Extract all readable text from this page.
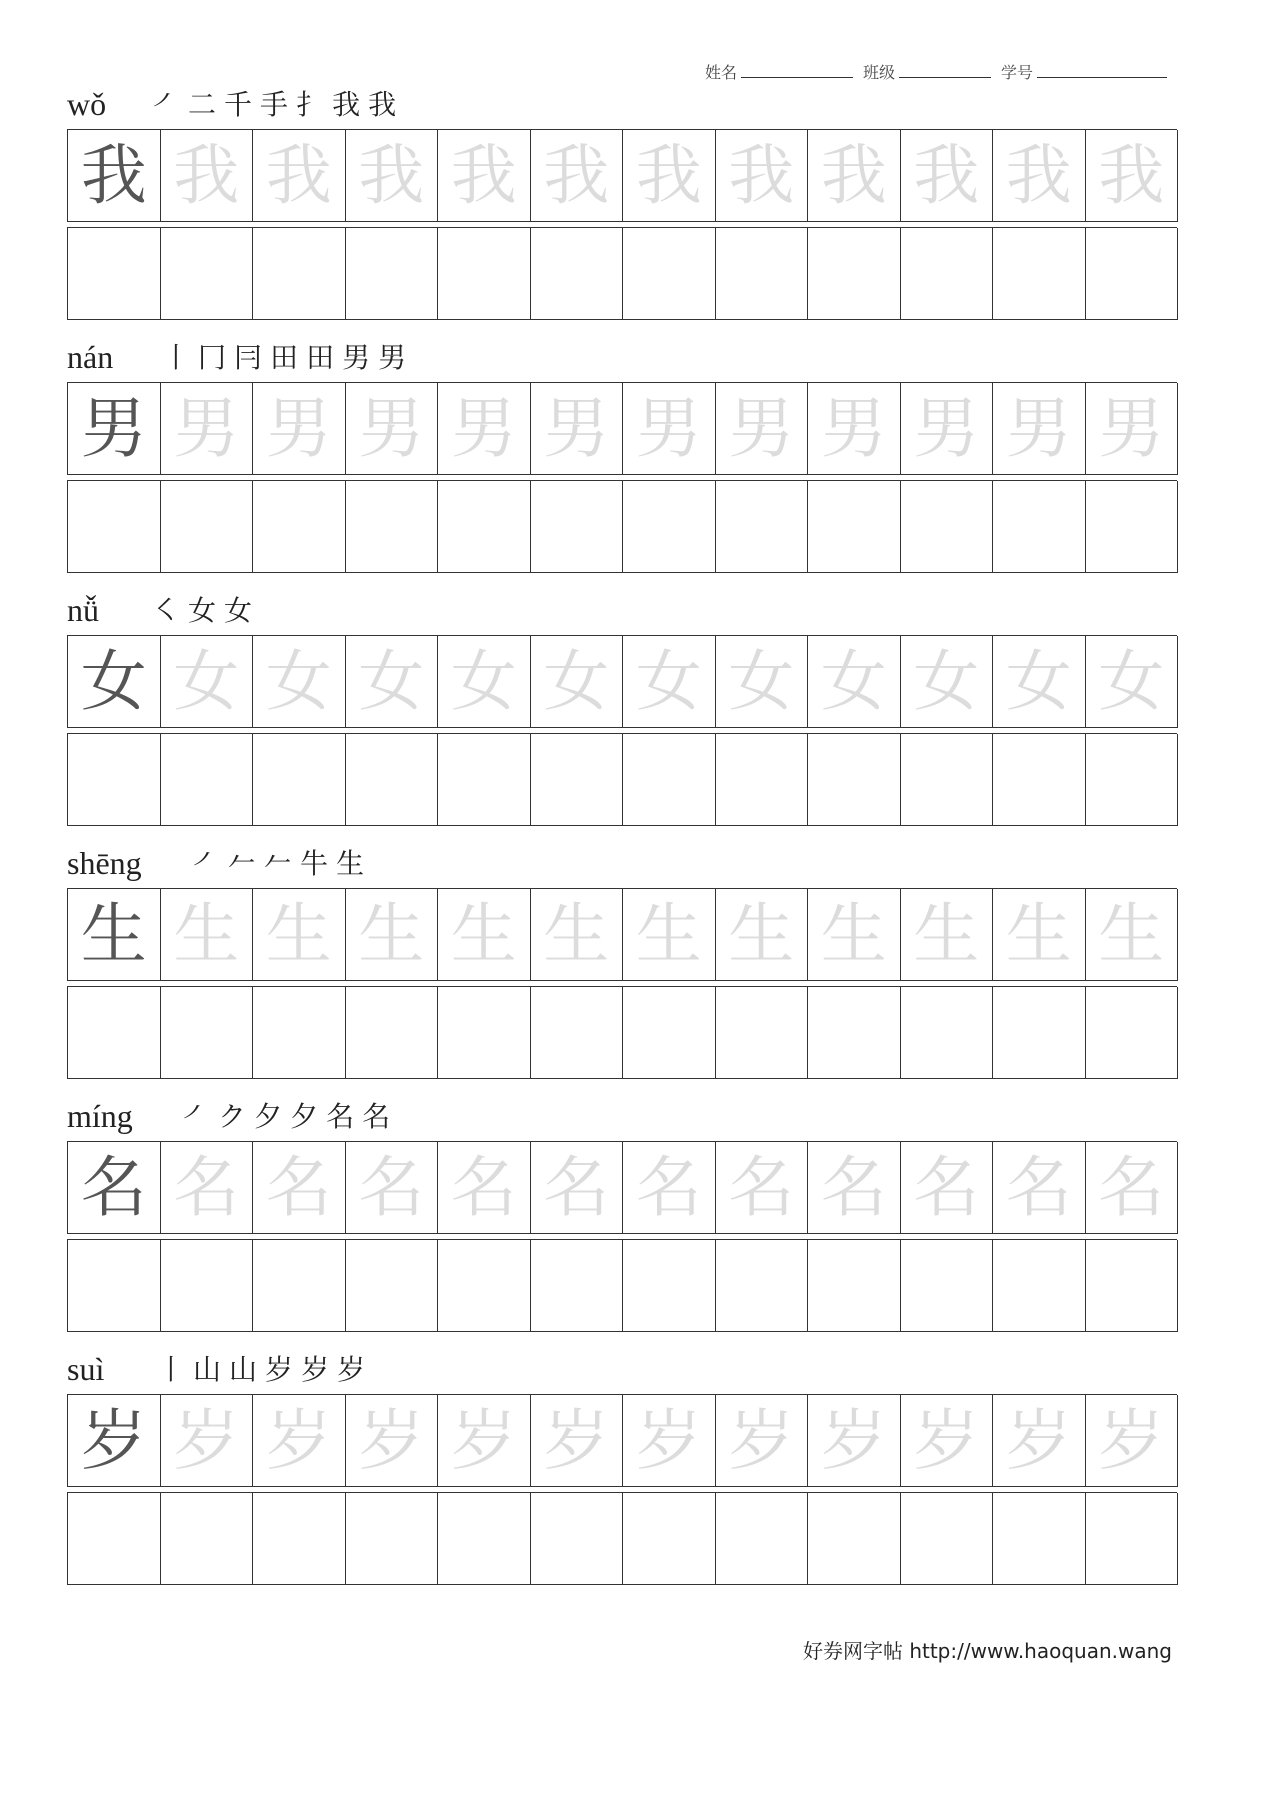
姓名	班级	学号
wǒ ㇒ 二 千 手 扌 我 我
我 我 我 我 我 我 我 我 我 我 我 我
nán 丨 冂 冃 田 田 男 男
男 男 男 男 男 男 男 男 男 男 男 男
nǚ ㇛ 女 女
女 女 女 女 女 女 女 女 女 女 女 女
shēng ㇒ 𠂉 𠂉 牛 生
生 生 生 生 生 生 生 生 生 生 生 生
míng ㇒ ク 夕 夕 名 名
名 名 名 名 名 名 名 名 名 名 名 名
suì 丨 山 山 岁 岁 岁
岁 岁 岁 岁 岁 岁 岁 岁 岁 岁 岁 岁
好券网字帖 http://www.haoquan.wang
